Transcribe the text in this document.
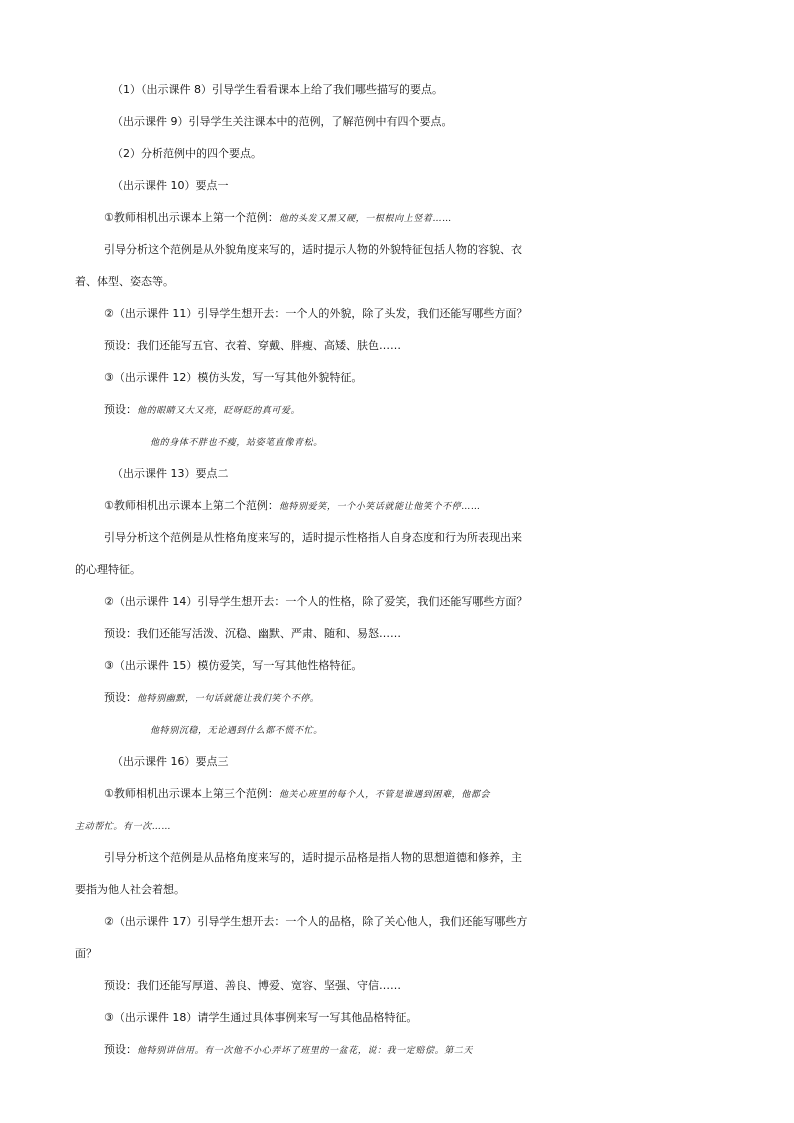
（1）（出示课件 8）引导学生看看课本上给了我们哪些描写的要点。
（出示课件 9）引导学生关注课本中的范例，了解范例中有四个要点。
（2）分析范例中的四个要点。
（出示课件 10）要点一
①教师相机出示课本上第一个范例：他的头发又黑又硬，一根根向上竖着……
引导分析这个范例是从外貌角度来写的，适时提示人物的外貌特征包括人物的容貌、衣
着、体型、姿态等。
②（出示课件 11）引导学生想开去：一个人的外貌，除了头发，我们还能写哪些方面？
预设：我们还能写五官、衣着、穿戴、胖瘦、高矮、肤色……
③（出示课件 12）模仿头发，写一写其他外貌特征。
预设：他的眼睛又大又亮，眨呀眨的真可爱。
他的身体不胖也不瘦，站姿笔直像青松。
（出示课件 13）要点二
①教师相机出示课本上第二个范例：他特别爱笑，一个小笑话就能让他笑个不停……
引导分析这个范例是从性格角度来写的，适时提示性格指人自身态度和行为所表现出来
的心理特征。
②（出示课件 14）引导学生想开去：一个人的性格，除了爱笑，我们还能写哪些方面？
预设：我们还能写活泼、沉稳、幽默、严肃、随和、易怒……
③（出示课件 15）模仿爱笑，写一写其他性格特征。
预设：他特别幽默，一句话就能让我们笑个不停。
他特别沉稳，无论遇到什么都不慌不忙。
（出示课件 16）要点三
①教师相机出示课本上第三个范例：他关心班里的每个人，不管是谁遇到困难，他都会
主动帮忙。有一次……
引导分析这个范例是从品格角度来写的，适时提示品格是指人物的思想道德和修养，主
要指为他人社会着想。
②（出示课件 17）引导学生想开去：一个人的品格，除了关心他人，我们还能写哪些方
面？
预设：我们还能写厚道、善良、博爱、宽容、坚强、守信……
③（出示课件 18）请学生通过具体事例来写一写其他品格特征。
预设：他特别讲信用。有一次他不小心弄坏了班里的一盆花，说：我一定赔偿。第二天
